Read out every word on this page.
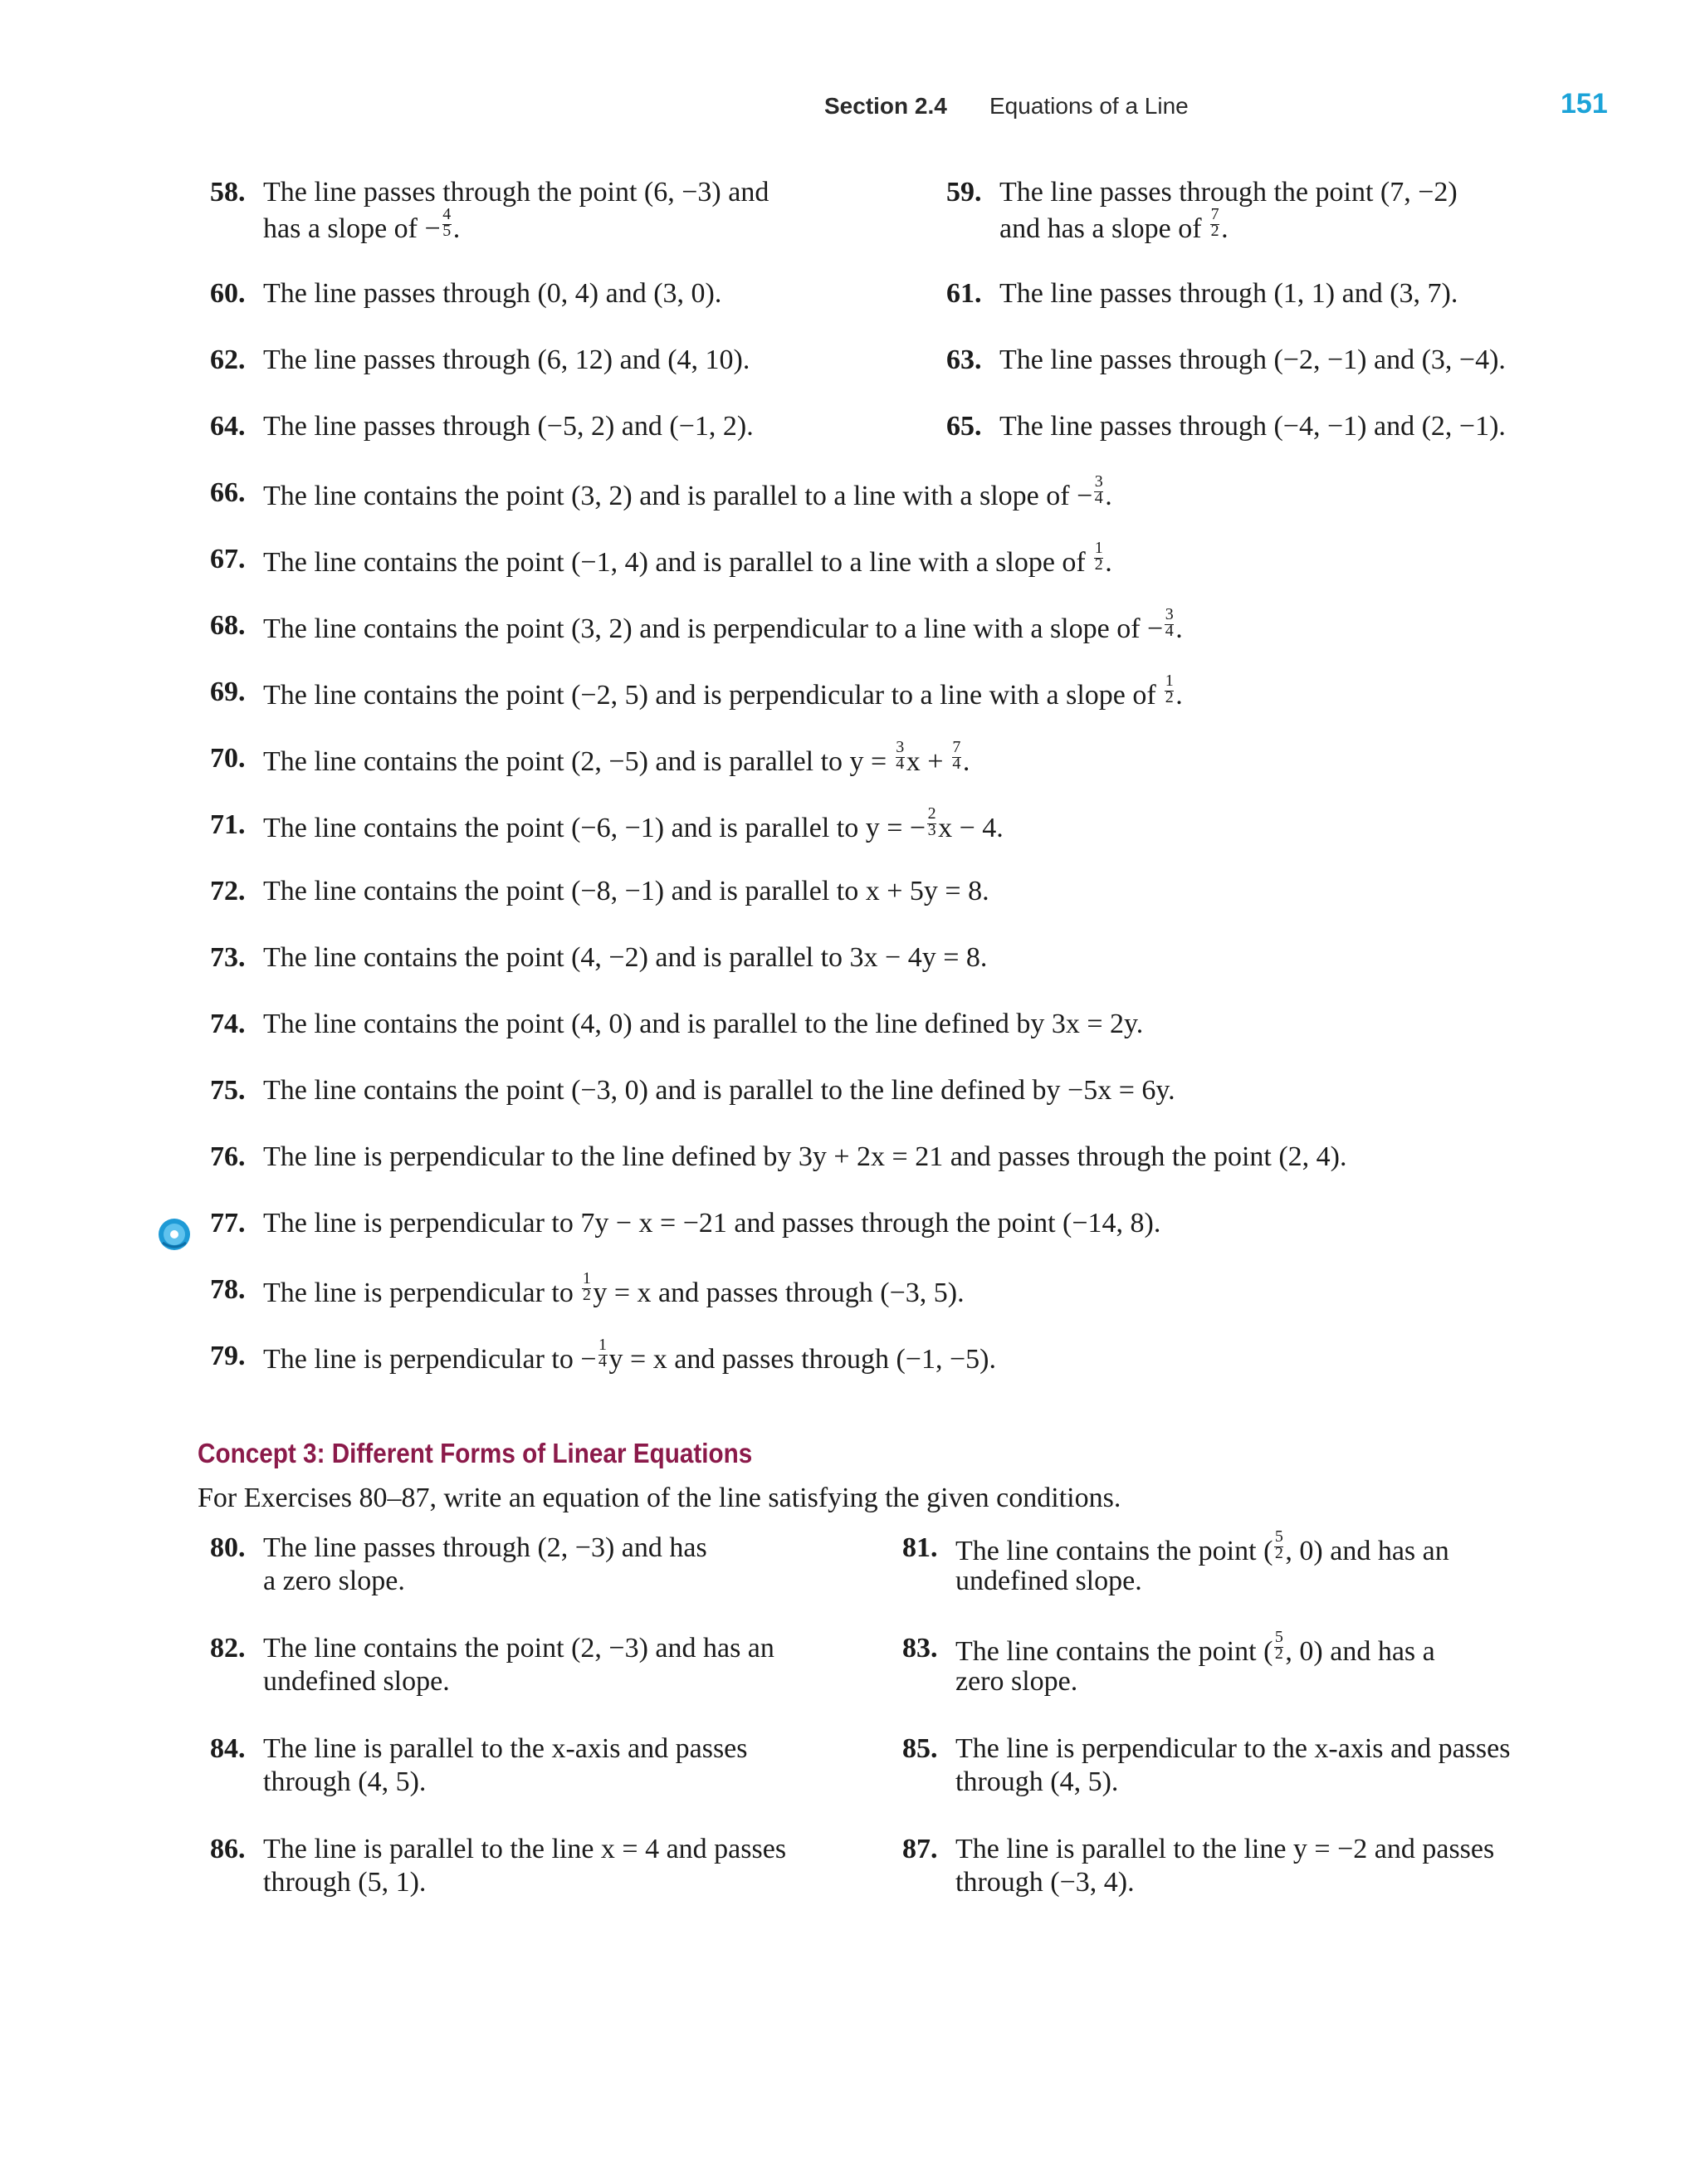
Section 2.4 Equations of a Line	151
58. The line passes through the point (6, −3) and
has a slope of − $\frac{4}{5}$ .
59. The line passes through the point (7, −2)
and has a slope of $\frac{7}{2}$ .
60. The line passes through (0, 4) and (3, 0).	61. The line passes through (1, 1) and (3, 7).
62. The line passes through (6, 12) and (4, 10).	63. The line passes through (−2, −1) and (3, −4).
64. The line passes through (−5, 2) and (−1, 2).	65. The line passes through (−4, −1) and (2, −1).
66. The line contains the point (3, 2) and is parallel to a line with a slope of − $\frac{3}{4}$ .
67. The line contains the point (−1, 4) and is parallel to a line with a slope of $\frac{1}{2}$ .
68. The line contains the point (3, 2) and is perpendicular to a line with a slope of − $\frac{3}{4}$ .
69. The line contains the point (−2, 5) and is perpendicular to a line with a slope of $\frac{1}{2}$ .
70. The line contains the point (2, −5) and is parallel to $y = \frac{3}{4}$ $x + \frac{7}{4}$ .
71. The line contains the point (−6, −1) and is parallel to y = − $\frac{2}{3}$ x − 4.
72. The line contains the point (−8, −1) and is parallel to x + 5y = 8.
73. The line contains the point (4, −2) and is parallel to 3x − 4y = 8.
74. The line contains the point (4, 0) and is parallel to the line defined by 3x = 2y.
75. The line contains the point (−3, 0) and is parallel to the line defined by −5x = 6y.
76. The line is perpendicular to the line defined by 3y + 2x = 21 and passes through the point (2, 4).
77. The line is perpendicular to 7y − x = −21 and passes through the point (−14, 8).
78. The line is perpendicular to $\frac{1}{2}$ y = x and passes through (−3, 5).
79. The line is perpendicular to − $\frac{1}{4}$ y = x and passes through (−1, −5).
Concept 3: Different Forms of Linear Equations
For Exercises 80–87, write an equation of the line satisfying the given conditions.
80. The line passes through (2, −3) and has
a zero slope.
81. The line contains the point ( $\frac{5}{2}$ , 0) and has an
undefined slope.
82. The line contains the point (2, −3) and has an
undefined slope.
83. The line contains the point ( $\frac{5}{2}$ , 0) and has a
zero slope.
84. The line is parallel to the x-axis and passes
through (4, 5).
85. The line is perpendicular to the x-axis and passes
through (4, 5).
86. The line is parallel to the line x = 4 and passes
through (5, 1).
87. The line is parallel to the line y = −2 and passes
through (−3, 4).
